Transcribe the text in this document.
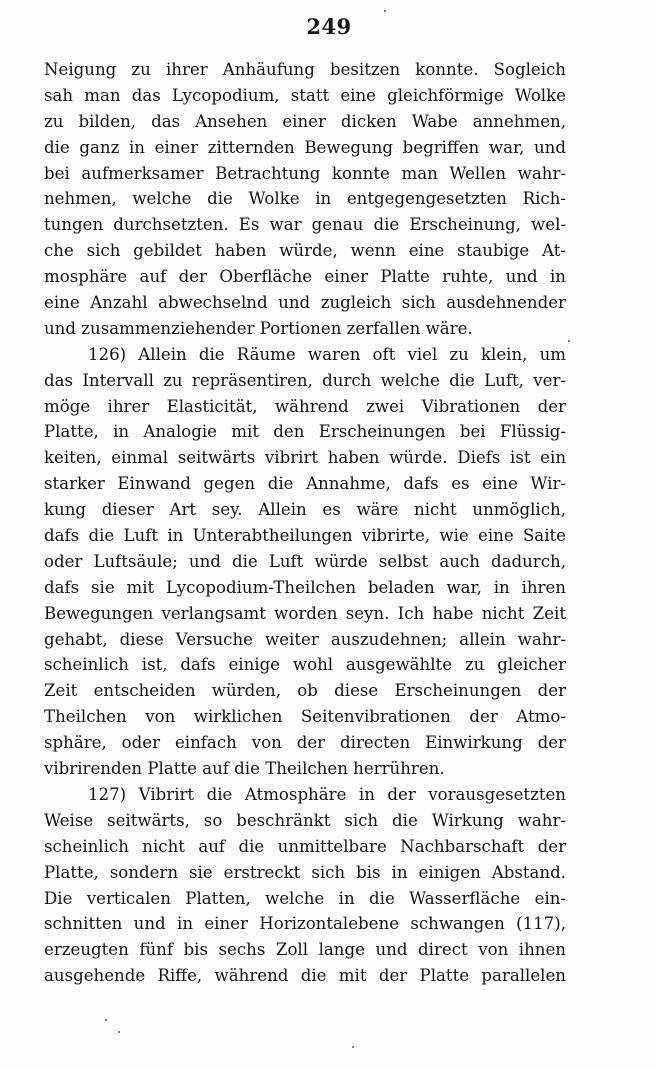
249
Neigung zu ihrer Anhäufung besitzen konnte. Sogleich
sah man das Lycopodium, statt eine gleichförmige Wolke
zu bilden, das Ansehen einer dicken Wabe annehmen,
die ganz in einer zitternden Bewegung begriffen war, und
bei aufmerksamer Betrachtung konnte man Wellen wahr-
nehmen, welche die Wolke in entgegengesetzten Rich-
tungen durchsetzten. Es war genau die Erscheinung, wel-
che sich gebildet haben würde, wenn eine staubige At-
mosphäre auf der Oberfläche einer Platte ruhte, und in
eine Anzahl abwechselnd und zugleich sich ausdehnender
und zusammenziehender Portionen zerfallen wäre.
126) Allein die Räume waren oft viel zu klein, um
das Intervall zu repräsentiren, durch welche die Luft, ver-
möge ihrer Elasticität, während zwei Vibrationen der
Platte, in Analogie mit den Erscheinungen bei Flüssig-
keiten, einmal seitwärts vibrirt haben würde. Diefs ist ein
starker Einwand gegen die Annahme, dafs es eine Wir-
kung dieser Art sey. Allein es wäre nicht unmöglich,
dafs die Luft in Unterabtheilungen vibrirte, wie eine Saite
oder Luftsäule; und die Luft würde selbst auch dadurch,
dafs sie mit Lycopodium-Theilchen beladen war, in ihren
Bewegungen verlangsamt worden seyn. Ich habe nicht Zeit
gehabt, diese Versuche weiter auszudehnen; allein wahr-
scheinlich ist, dafs einige wohl ausgewählte zu gleicher
Zeit entscheiden würden, ob diese Erscheinungen der
Theilchen von wirklichen Seitenvibrationen der Atmo-
sphäre, oder einfach von der directen Einwirkung der
vibrirenden Platte auf die Theilchen herrühren.
127) Vibrirt die Atmosphäre in der vorausgesetzten
Weise seitwärts, so beschränkt sich die Wirkung wahr-
scheinlich nicht auf die unmittelbare Nachbarschaft der
Platte, sondern sie erstreckt sich bis in einigen Abstand.
Die verticalen Platten, welche in die Wasserfläche ein-
schnitten und in einer Horizontalebene schwangen (117),
erzeugten fünf bis sechs Zoll lange und direct von ihnen
ausgehende Riffe, während die mit der Platte parallelen
